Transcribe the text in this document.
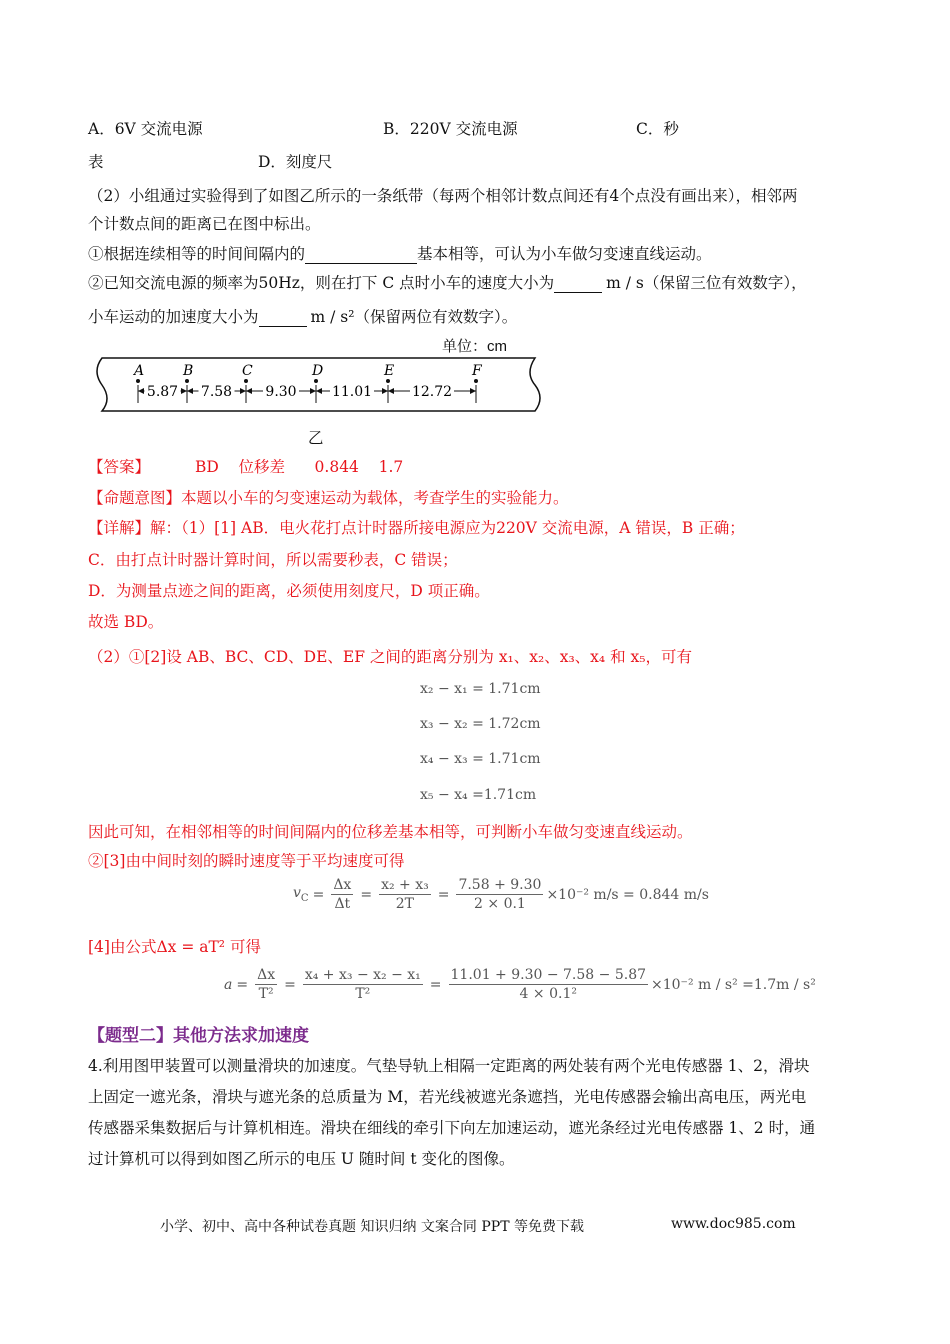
A．6V 交流电源	B．220V 交流电源	C．秒
表	D．刻度尺
（2）小组通过实验得到了如图乙所示的一条纸带（每两个相邻计数点间还有4个点没有画出来），相邻两
个计数点间的距离已在图中标出。
①根据连续相等的时间间隔内的	基本相等，可认为小车做匀变速直线运动。
②已知交流电源的频率为50Hz，则在打下 C 点时小车的速度大小为	m / s（保留三位有效数字），
小车运动的加速度大小为	m / s²（保留两位有效数字）。
A	B	C	D	E	F
5.87 7.58 9.30	11.01	12.72
单位：cm
乙
【答案】	BD    位移差      0.844    1.7
【命题意图】本题以小车的匀变速运动为载体，考查学生的实验能力。
【详解】解：（1）[1] AB．电火花打点计时器所接电源应为220V 交流电源，A 错误，B 正确；
C．由打点计时器计算时间，所以需要秒表，C 错误；
D．为测量点迹之间的距离，必须使用刻度尺，D 项正确。
故选 BD。
（2）①[2]设 AB、BC、CD、DE、EF 之间的距离分别为 x₁、x₂、x₃、x₄ 和 x₅，可有
x₂ − x₁ = 1.71cm
x₃ − x₂ = 1.72cm
x₄ − x₃ = 1.71cm
x₅ − x₄ =1.71cm
因此可知，在相邻相等的时间间隔内的位移差基本相等，可判断小车做匀变速直线运动。
②[3]由中间时刻的瞬时速度等于平均速度可得
$v_C = \frac{\Delta x}{\Delta t} = \frac{\text{x₂ + x₃}}{2T} = \frac{7.58 + 9.30}{2 \times 0.1} \times 10^{-2}$ m/s = 0.844 m/s
[4]由公式Δx = aT² 可得
$a = \frac{\Delta x}{\text{T²}} = \frac{\text{x₄ + x₃ − x₂ − x₁}}{\text{T²}} = \frac{11.01 + 9.30 - 7.58 - 5.87}{\text{4 × 0.1²}} \times 10^{-2}$ m / s² =1.7m / s²
【题型二】其他方法求加速度
4.利用图甲装置可以测量滑块的加速度。气垫导轨上相隔一定距离的两处装有两个光电传感器 1、2，滑块
上固定一遮光条，滑块与遮光条的总质量为 M，若光线被遮光条遮挡，光电传感器会输出高电压，两光电
传感器采集数据后与计算机相连。滑块在细线的牵引下向左加速运动，遮光条经过光电传感器 1、2 时，通
过计算机可以得到如图乙所示的电压 U 随时间 t 变化的图像。
小学、初中、高中各种试卷真题 知识归纳 文案合同 PPT 等免费下载	www.doc985.com
